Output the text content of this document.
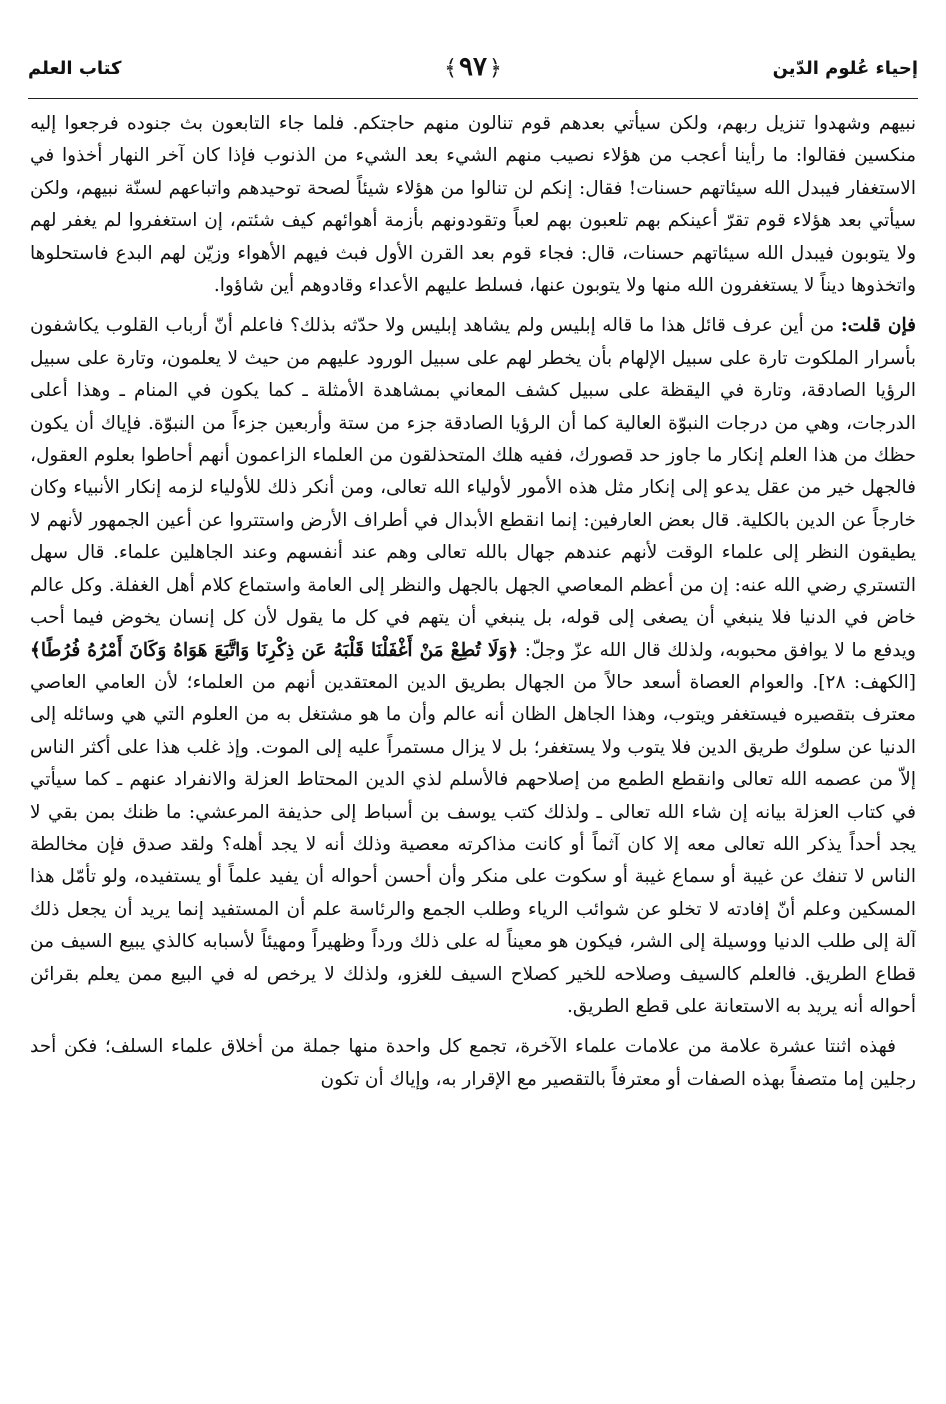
إحياء عُلوم الدّين
﴿٩٧﴾
كتاب العلم

نبيهم وشهدوا تنزيل ربهم، ولكن سيأتي بعدهم قوم تنالون منهم حاجتكم. فلما جاء التابعون بث جنوده فرجعوا إليه منكسين فقالوا: ما رأينا أعجب من هؤلاء نصيب منهم الشيء بعد الشيء من الذنوب فإذا كان آخر النهار أخذوا في الاستغفار فيبدل الله سيئاتهم حسنات! فقال: إنكم لن تنالوا من هؤلاء شيئاً لصحة توحيدهم واتباعهم لسنّة نبيهم، ولكن سيأتي بعد هؤلاء قوم تقرّ أعينكم بهم تلعبون بهم لعباً وتقودونهم بأزمة أهوائهم كيف شئتم، إن استغفروا لم يغفر لهم ولا يتوبون فيبدل الله سيئاتهم حسنات، قال: فجاء قوم بعد القرن الأول فبث فيهم الأهواء وزيّن لهم البدع فاستحلوها واتخذوها ديناً لا يستغفرون الله منها ولا يتوبون عنها، فسلط عليهم الأعداء وقادوهم أين شاؤوا.

فإن قلت: من أين عرف قائل هذا ما قاله إبليس ولم يشاهد إبليس ولا حدّثه بذلك؟ فاعلم أنّ أرباب القلوب يكاشفون بأسرار الملكوت تارة على سبيل الإلهام بأن يخطر لهم على سبيل الورود عليهم من حيث لا يعلمون، وتارة على سبيل الرؤيا الصادقة، وتارة في اليقظة على سبيل كشف المعاني بمشاهدة الأمثلة ـ كما يكون في المنام ـ وهذا أعلى الدرجات، وهي من درجات النبوّة العالية كما أن الرؤيا الصادقة جزء من ستة وأربعين جزءاً من النبوّة. فإياك أن يكون حظك من هذا العلم إنكار ما جاوز حد قصورك، ففيه هلك المتحذلقون من العلماء الزاعمون أنهم أحاطوا بعلوم العقول، فالجهل خير من عقل يدعو إلى إنكار مثل هذه الأمور لأولياء الله تعالى، ومن أنكر ذلك للأولياء لزمه إنكار الأنبياء وكان خارجاً عن الدين بالكلية. قال بعض العارفين: إنما انقطع الأبدال في أطراف الأرض واستتروا عن أعين الجمهور لأنهم لا يطيقون النظر إلى علماء الوقت لأنهم عندهم جهال بالله تعالى وهم عند أنفسهم وعند الجاهلين علماء. قال سهل التستري رضي الله عنه: إن من أعظم المعاصي الجهل بالجهل والنظر إلى العامة واستماع كلام أهل الغفلة. وكل عالم خاض في الدنيا فلا ينبغي أن يصغى إلى قوله، بل ينبغي أن يتهم في كل ما يقول لأن كل إنسان يخوض فيما أحب ويدفع ما لا يوافق محبوبه، ولذلك قال الله عزّ وجلّ: ﴿وَلَا تُطِعْ مَنْ أَغْفَلْنَا قَلْبَهُ عَن ذِكْرِنَا وَاتَّبَعَ هَوَاهُ وَكَانَ أَمْرُهُ فُرُطًا﴾ [الكهف: ٢٨]. والعوام العصاة أسعد حالاً من الجهال بطريق الدين المعتقدين أنهم من العلماء؛ لأن العامي العاصي معترف بتقصيره فيستغفر ويتوب، وهذا الجاهل الظان أنه عالم وأن ما هو مشتغل به من العلوم التي هي وسائله إلى الدنيا عن سلوك طريق الدين فلا يتوب ولا يستغفر؛ بل لا يزال مستمراً عليه إلى الموت. وإذ غلب هذا على أكثر الناس إلاّ من عصمه الله تعالى وانقطع الطمع من إصلاحهم فالأسلم لذي الدين المحتاط العزلة والانفراد عنهم ـ كما سيأتي في كتاب العزلة بيانه إن شاء الله تعالى ـ ولذلك كتب يوسف بن أسباط إلى حذيفة المرعشي: ما ظنك بمن بقي لا يجد أحداً يذكر الله تعالى معه إلا كان آثماً أو كانت مذاكرته معصية وذلك أنه لا يجد أهله؟ ولقد صدق فإن مخالطة الناس لا تنفك عن غيبة أو سماع غيبة أو سكوت على منكر وأن أحسن أحواله أن يفيد علماً أو يستفيده، ولو تأمّل هذا المسكين وعلم أنّ إفادته لا تخلو عن شوائب الرياء وطلب الجمع والرئاسة علم أن المستفيد إنما يريد أن يجعل ذلك آلة إلى طلب الدنيا ووسيلة إلى الشر، فيكون هو معيناً له على ذلك ورداً وظهيراً ومهيئاً لأسبابه كالذي يبيع السيف من قطاع الطريق. فالعلم كالسيف وصلاحه للخير كصلاح السيف للغزو، ولذلك لا يرخص له في البيع ممن يعلم بقرائن أحواله أنه يريد به الاستعانة على قطع الطريق.

فهذه اثنتا عشرة علامة من علامات علماء الآخرة، تجمع كل واحدة منها جملة من أخلاق علماء السلف؛ فكن أحد رجلين إما متصفاً بهذه الصفات أو معترفاً بالتقصير مع الإقرار به، وإياك أن تكون
